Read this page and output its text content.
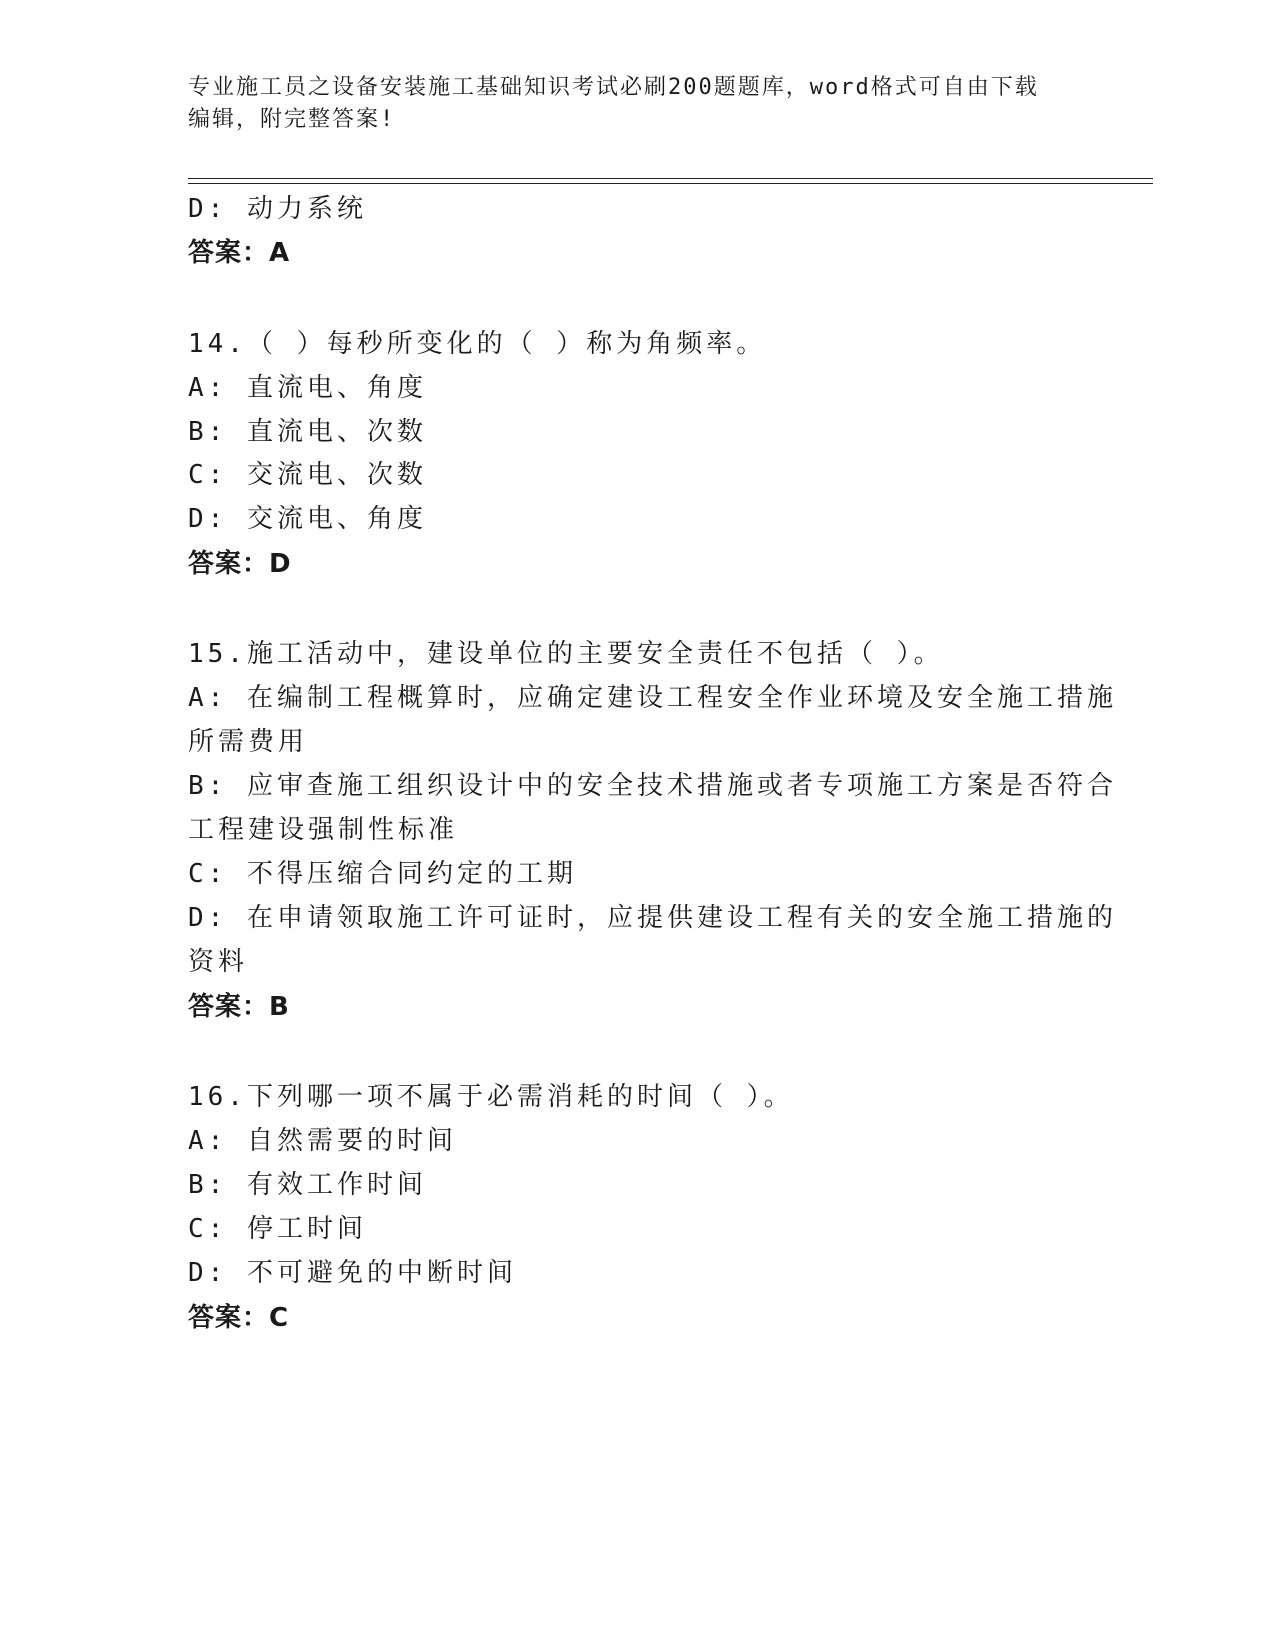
专业施工员之设备安装施工基础知识考试必刷200题题库，word格式可自由下载
编辑，附完整答案!
D: 动力系统
答案：A
14.（ ）每秒所变化的（ ）称为角频率。
A: 直流电、角度
B: 直流电、次数
C: 交流电、次数
D: 交流电、角度
答案：D
15.施工活动中，建设单位的主要安全责任不包括（ ）。
A: 在编制工程概算时，应确定建设工程安全作业环境及安全施工措施
所需费用
B: 应审查施工组织设计中的安全技术措施或者专项施工方案是否符合
工程建设强制性标准
C: 不得压缩合同约定的工期
D: 在申请领取施工许可证时，应提供建设工程有关的安全施工措施的
资料
答案：B
16.下列哪一项不属于必需消耗的时间（ ）。
A: 自然需要的时间
B: 有效工作时间
C: 停工时间
D: 不可避免的中断时间
答案：C
